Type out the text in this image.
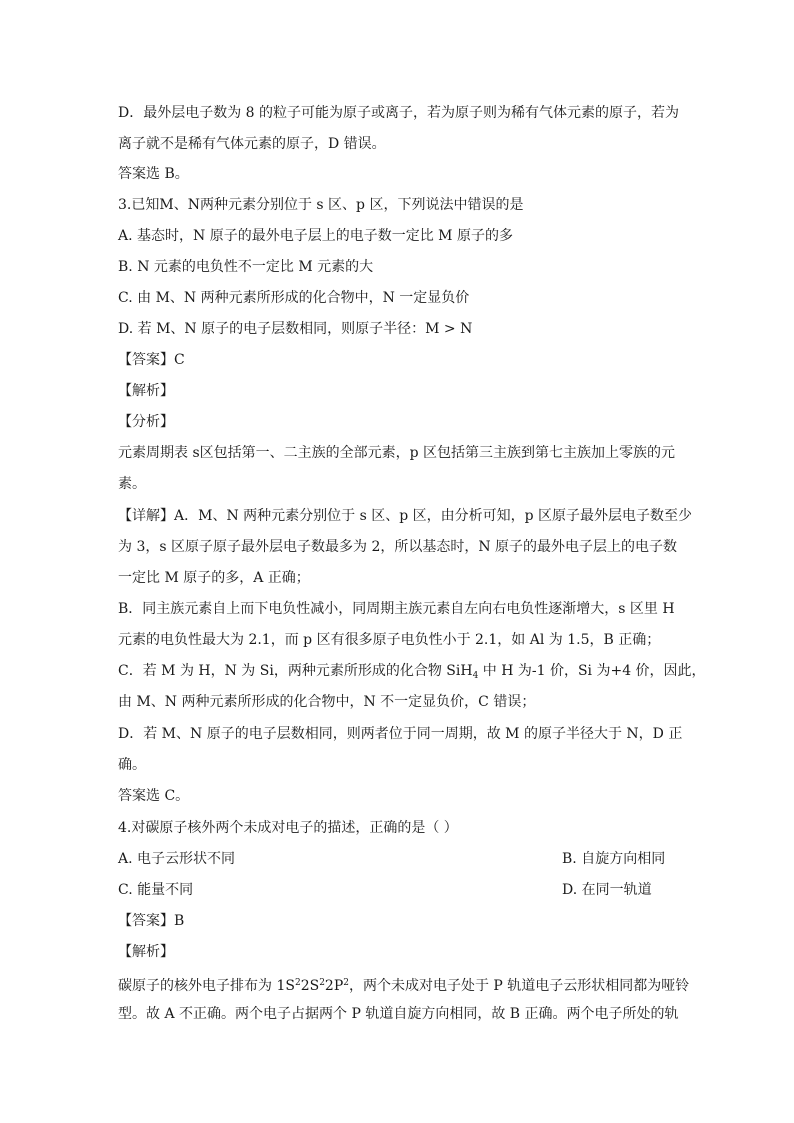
D．最外层电子数为 8 的粒子可能为原子或离子，若为原子则为稀有气体元素的原子，若为
离子就不是稀有气体元素的原子，D 错误。
答案选 B。
3.已知M、N两种元素分别位于 s 区、p 区，下列说法中错误的是
A. 基态时，N 原子的最外电子层上的电子数一定比 M 原子的多
B. N 元素的电负性不一定比 M 元素的大
C. 由 M、N 两种元素所形成的化合物中，N 一定显负价
D. 若 M、N 原子的电子层数相同，则原子半径：M > N
【答案】C
【解析】
【分析】
元素周期表 s区包括第一、二主族的全部元素，p 区包括第三主族到第七主族加上零族的元
素。
【详解】A．M、N 两种元素分别位于 s 区、p 区，由分析可知，p 区原子最外层电子数至少
为 3，s 区原子原子最外层电子数最多为 2，所以基态时，N 原子的最外电子层上的电子数
一定比 M 原子的多，A 正确；
B．同主族元素自上而下电负性减小，同周期主族元素自左向右电负性逐渐增大，s 区里 H
元素的电负性最大为 2.1，而 p 区有很多原子电负性小于 2.1，如 Al 为 1.5，B 正确；
C．若 M 为 H，N 为 Si，两种元素所形成的化合物 SiH$_4$ 中 H 为-1 价，Si 为+4 价，因此，
由 M、N 两种元素所形成的化合物中，N 不一定显负价，C 错误；
D．若 M、N 原子的电子层数相同，则两者位于同一周期，故 M 的原子半径大于 N，D 正
确。
答案选 C。
4.对碳原子核外两个未成对电子的描述，正确的是（ ）
A. 电子云形状不同	B. 自旋方向相同
C. 能量不同	D. 在同一轨道
【答案】B
【解析】
碳原子的核外电子排布为 $1S^22S^22P^2$，两个未成对电子处于 P 轨道电子云形状相同都为哑铃
型。故 A 不正确。两个电子占据两个 P 轨道自旋方向相同，故 B 正确。两个电子所处的轨
